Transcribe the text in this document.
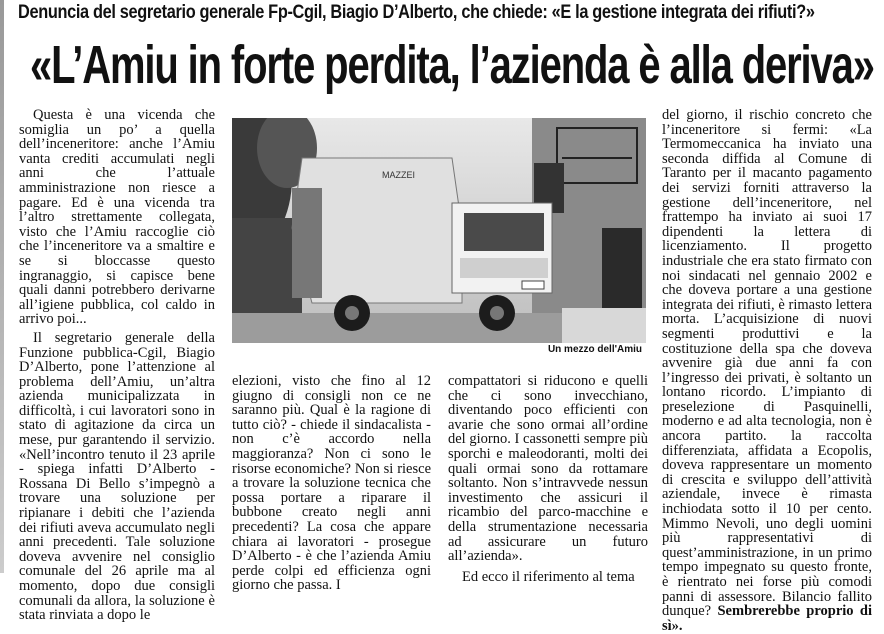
Denuncia del segretario generale Fp-Cgil, Biagio D’Alberto, che chiede: «E la gestione integrata dei rifiuti?»
«L’Amiu in forte perdita, l’azienda è alla deriva»

Questa è una vicenda che somiglia un po’ a quella dell’inceneritore: anche l’Amiu vanta crediti accumulati negli anni che l’attuale amministrazione non riesce a pagare. Ed è una vicenda tra l’altro strettamente collegata, visto che l’Amiu raccoglie ciò che l’inceneritore va a smaltire e se si bloccasse questo ingranaggio, si capisce bene quali danni potrebbero derivarne all’igiene pubblica, col caldo in arrivo poi...

Il segretario generale della Funzione pubblica-Cgil, Biagio D’Alberto, pone l’attenzione al problema dell’Amiu, un’altra azienda municipalizzata in difficoltà, i cui lavoratori sono in stato di agitazione da circa un mese, pur garantendo il servizio. «Nell’incontro tenuto il 23 aprile - spiega infatti D’Alberto - Rossana Di Bello s’impegnò a trovare una soluzione per ripianare i debiti che l’azienda dei rifiuti aveva accumulato negli anni precedenti. Tale soluzione doveva avvenire nel consiglio comunale del 26 aprile ma al momento, dopo due consigli comunali da allora, la soluzione è stata rinviata a dopo le

MAZZEI
Un mezzo dell'Amiu

elezioni, visto che fino al 12 giugno di consigli non ce ne saranno più. Qual è la ragione di tutto ciò? - chiede il sindacalista - non c’è accordo nella maggioranza? Non ci sono le risorse economiche? Non si riesce a trovare la soluzione tecnica che possa portare a riparare il bubbone creato negli anni precedenti? La cosa che appare chiara ai lavoratori - prosegue D’Alberto - è che l’azienda Amiu perde colpi ed efficienza ogni giorno che passa. I

compattatori si riducono e quelli che ci sono invecchiano, diventando poco efficienti con avarie che sono ormai all’ordine del giorno. I cassonetti sempre più sporchi e maleodoranti, molti dei quali ormai sono da rottamare soltanto. Non s’intravvede nessun investimento che assicuri il ricambio del parco-macchine e della strumentazione necessaria ad assicurare un futuro all’azienda».

Ed ecco il riferimento al tema

del giorno, il rischio concreto che l’inceneritore si fermi: «La Termomeccanica ha inviato una seconda diffida al Comune di Taranto per il macanto pagamento dei servizi forniti attraverso la gestione dell’inceneritore, nel frattempo ha inviato ai suoi 17 dipendenti la lettera di licenziamento. Il progetto industriale che era stato firmato con noi sindacati nel gennaio 2002 e che doveva portare a una gestione integrata dei rifiuti, è rimasto lettera morta. L’acquisizione di nuovi segmenti produttivi e la costituzione della spa che doveva avvenire già due anni fa con l’ingresso dei privati, è soltanto un lontano ricordo. L’impianto di preselezione di Pasquinelli, moderno e ad alta tecnologia, non è ancora partito. la raccolta differenziata, affidata a Ecopolis, doveva rappresentare un momento di crescita e sviluppo dell’attività aziendale, invece è rimasta inchiodata sotto il 10 per cento. Mimmo Nevoli, uno degli uomini più rappresentativi di quest’amministrazione, in un primo tempo impegnato su questo fronte, è rientrato nei forse più comodi panni di assessore. Bilancio fallito dunque? Sembrerebbe proprio di sì».
